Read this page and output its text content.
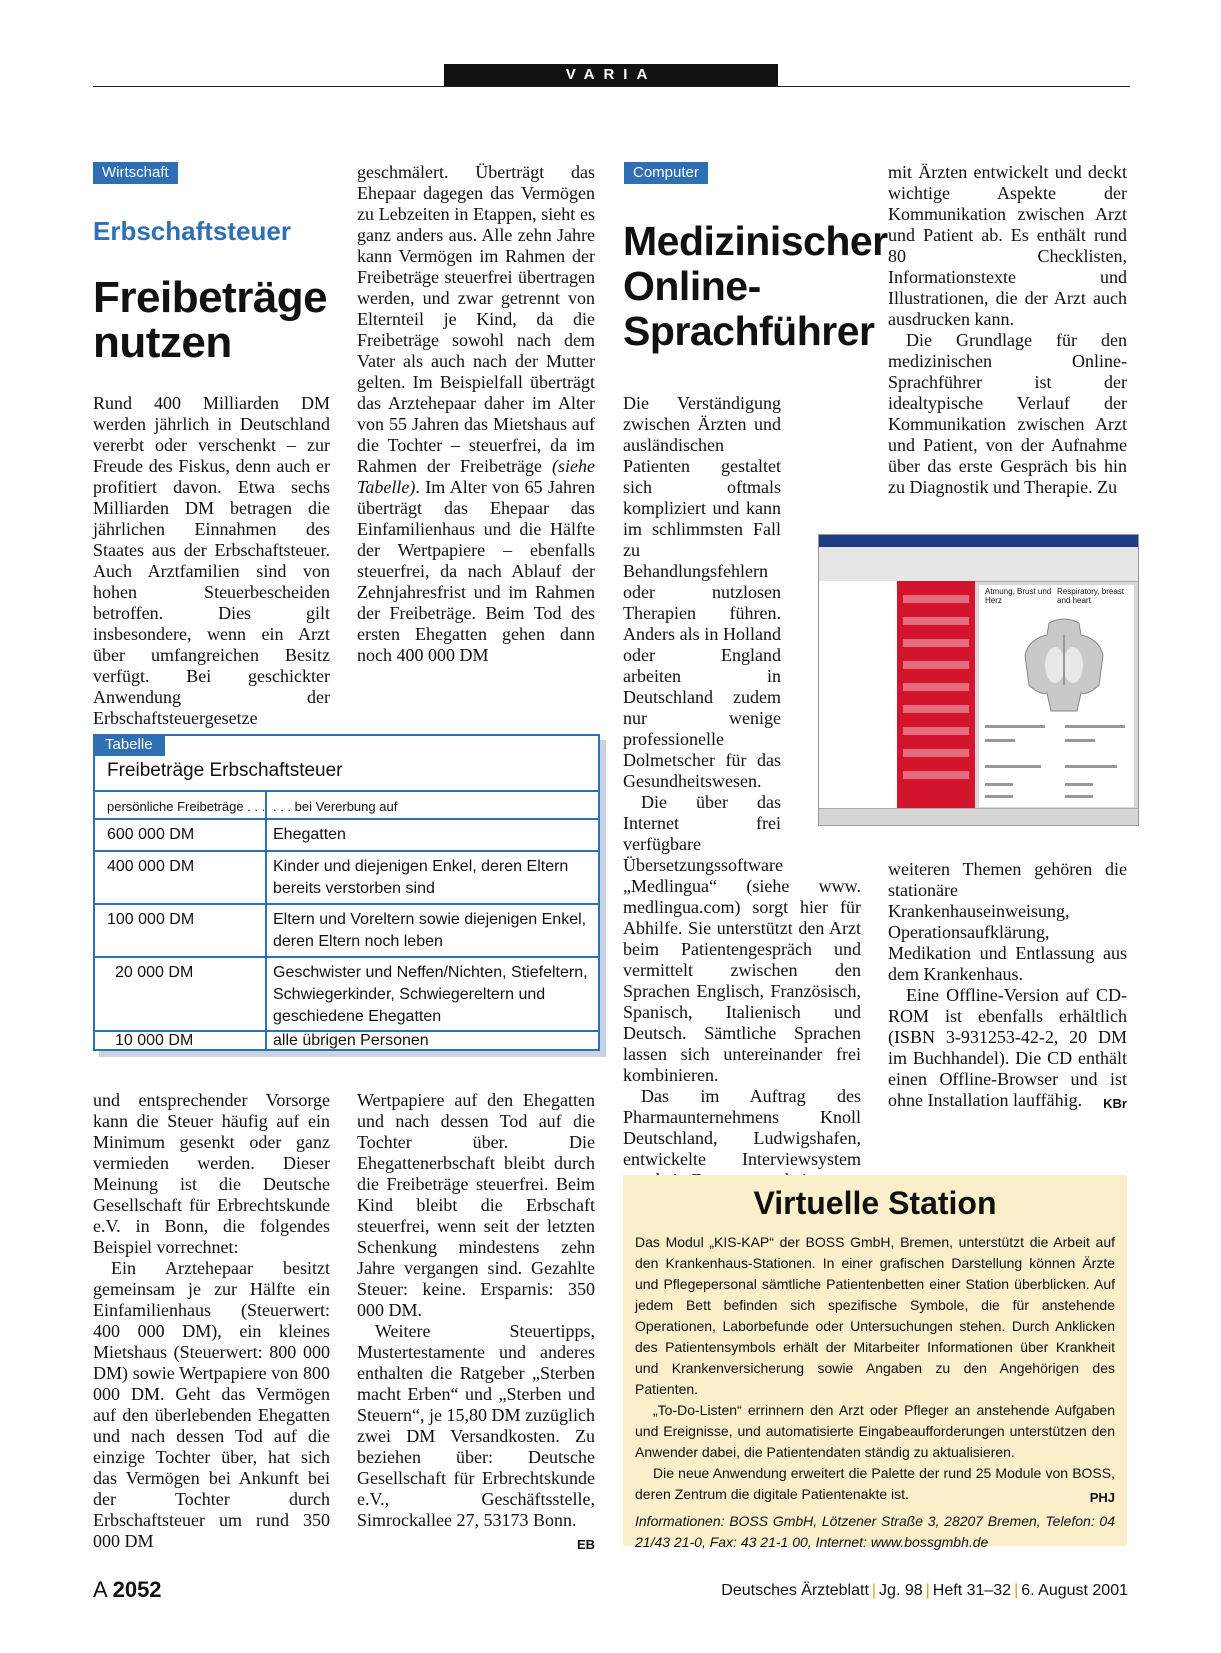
VARIA
Wirtschaft
Erbschaftsteuer
Freibeträge
nutzen

Rund 400 Milliarden DM werden jährlich in Deutschland vererbt oder verschenkt – zur Freude des Fiskus, denn auch er profitiert davon. Etwa sechs Milliarden DM betragen die jährlichen Einnahmen des Staates aus der Erbschaftsteuer. Auch Arztfamilien sind von hohen Steuerbescheiden betroffen. Dies gilt insbesondere, wenn ein Arzt über umfangreichen Besitz verfügt. Bei geschickter Anwendung der Erbschaftsteuergesetze

geschmälert. Überträgt das Ehepaar dagegen das Vermögen zu Lebzeiten in Etappen, sieht es ganz anders aus. Alle zehn Jahre kann Vermögen im Rahmen der Freibeträge steuerfrei übertragen werden, und zwar getrennt von Elternteil je Kind, da die Freibeträge sowohl nach dem Vater als auch nach der Mutter gelten. Im Beispielfall überträgt das Arztehepaar daher im Alter von 55 Jahren das Mietshaus auf die Tochter – steuerfrei, da im Rahmen der Freibeträge (siehe Tabelle). Im Alter von 65 Jahren überträgt das Ehepaar das Einfamilienhaus und die Hälfte der Wertpapiere – ebenfalls steuerfrei, da nach Ablauf der Zehnjahresfrist und im Rahmen der Freibeträge. Beim Tod des ersten Ehegatten gehen dann noch 400 000 DM

Tabelle
Freibeträge Erbschaftsteuer
persönliche Freibeträge . . . . . . bei Vererbung auf
600 000 DM	Ehegatten
400 000 DM	Kinder und diejenigen Enkel, deren Eltern bereits verstorben sind
100 000 DM	Eltern und Voreltern sowie diejenigen Enkel, deren Eltern noch leben
20 000 DM	Geschwister und Neffen/Nichten, Stiefeltern, Schwiegerkinder, Schwiegereltern und geschiedene Ehegatten
10 000 DM	alle übrigen Personen

und entsprechender Vorsorge kann die Steuer häufig auf ein Minimum gesenkt oder ganz vermieden werden. Dieser Meinung ist die Deutsche Gesellschaft für Erbrechtskunde e.V. in Bonn, die folgendes Beispiel vorrechnet:

Ein Arztehepaar besitzt gemeinsam je zur Hälfte ein Einfamilienhaus (Steuerwert: 400 000 DM), ein kleines Mietshaus (Steuerwert: 800 000 DM) sowie Wertpapiere von 800 000 DM. Geht das Vermögen auf den überlebenden Ehegatten und nach dessen Tod auf die einzige Tochter über, hat sich das Vermögen bei Ankunft bei der Tochter durch Erbschaftsteuer um rund 350 000 DM

Wertpapiere auf den Ehegatten und nach dessen Tod auf die Tochter über. Die Ehegattenerbschaft bleibt durch die Freibeträge steuerfrei. Beim Kind bleibt die Erbschaft steuerfrei, wenn seit der letzten Schenkung mindestens zehn Jahre vergangen sind. Gezahlte Steuer: keine. Ersparnis: 350 000 DM.

Weitere Steuertipps, Mustertestamente und anderes enthalten die Ratgeber „Sterben macht Erben“ und „Sterben und Steuern“, je 15,80 DM zuzüglich zwei DM Versandkosten. Zu beziehen über: Deutsche Gesellschaft für Erbrechtskunde e.V., Geschäftsstelle, Simrockallee 27, 53173 Bonn.
EB

Computer
Medizinischer
Online-
Sprachführer

Die Verständigung zwischen Ärzten und ausländischen Patienten gestaltet sich oftmals kompliziert und kann im schlimmsten Fall zu Behandlungsfehlern oder nutzlosen Therapien führen. Anders als in Holland oder England arbeiten in Deutschland zudem nur wenige professionelle Dolmetscher für das Gesundheitswesen.

Die über das Internet frei verfügbare Übersetzungssoftware „Medlingua“ (siehe www. medlingua.com) sorgt hier für Abhilfe. Sie unterstützt den Arzt beim Patientengespräch und vermittelt zwischen den Sprachen Englisch, Französisch, Spanisch, Italienisch und Deutsch. Sämtliche Sprachen lassen sich untereinander frei kombinieren.

Das im Auftrag des Pharmaunternehmens Knoll Deutschland, Ludwigshafen, entwickelte Interviewsystem

mit Ärzten entwickelt und deckt wichtige Aspekte der Kommunikation zwischen Arzt und Patient ab. Es enthält rund 80 Checklisten, Informationstexte und Illustrationen, die der Arzt auch ausdrucken kann.

Die Grundlage für den medizinischen Online-Sprachführer ist der idealtypische Verlauf der Kommunikation zwischen Arzt und Patient, von der Aufnahme über das erste Gespräch bis hin zu Diagnostik und Therapie. Zu

Atmung, Brust und Herz
Respiratory, breast and heart

weiteren Themen gehören die stationäre Krankenhauseinweisung, Operationsaufklärung, Medikation und Entlassung aus dem Krankenhaus.

Eine Offline-Version auf CD-ROM ist ebenfalls erhältlich (ISBN 3-931253-42-2, 20 DM im Buchhandel). Die CD enthält einen Offline-Browser und ist ohne Installation lauffähig.	KBr

Virtuelle Station

Das Modul „KIS-KAP“ der BOSS GmbH, Bremen, unterstützt die Arbeit auf den Krankenhaus-Stationen. In einer grafischen Darstellung können Ärzte und Pflegepersonal sämtliche Patientenbetten einer Station überblicken. Auf jedem Bett befinden sich spezifische Symbole, die für anstehende Operationen, Laborbefunde oder Untersuchungen stehen. Durch Anklicken des Patientensymbols erhält der Mitarbeiter Informationen über Krankheit und Krankenversicherung sowie Angaben zu den Angehörigen des Patienten.

„To-Do-Listen“ errinnern den Arzt oder Pfleger an anstehende Aufgaben und Ereignisse, und automatisierte Eingabeaufforderungen unterstützen den Anwender dabei, die Patientendaten ständig zu aktualisieren.

Die neue Anwendung erweitert die Palette der rund 25 Module von BOSS, deren Zentrum die digitale Patientenakte ist.	PHJ

Informationen: BOSS GmbH, Lötzener Straße 3, 28207 Bremen, Telefon: 04 21/43 21-0, Fax: 43 21-1 00, Internet: www.bossgmbh.de

A 2052	Deutsches Ärzteblatt | Jg. 98 | Heft 31–32 | 6. August 2001
